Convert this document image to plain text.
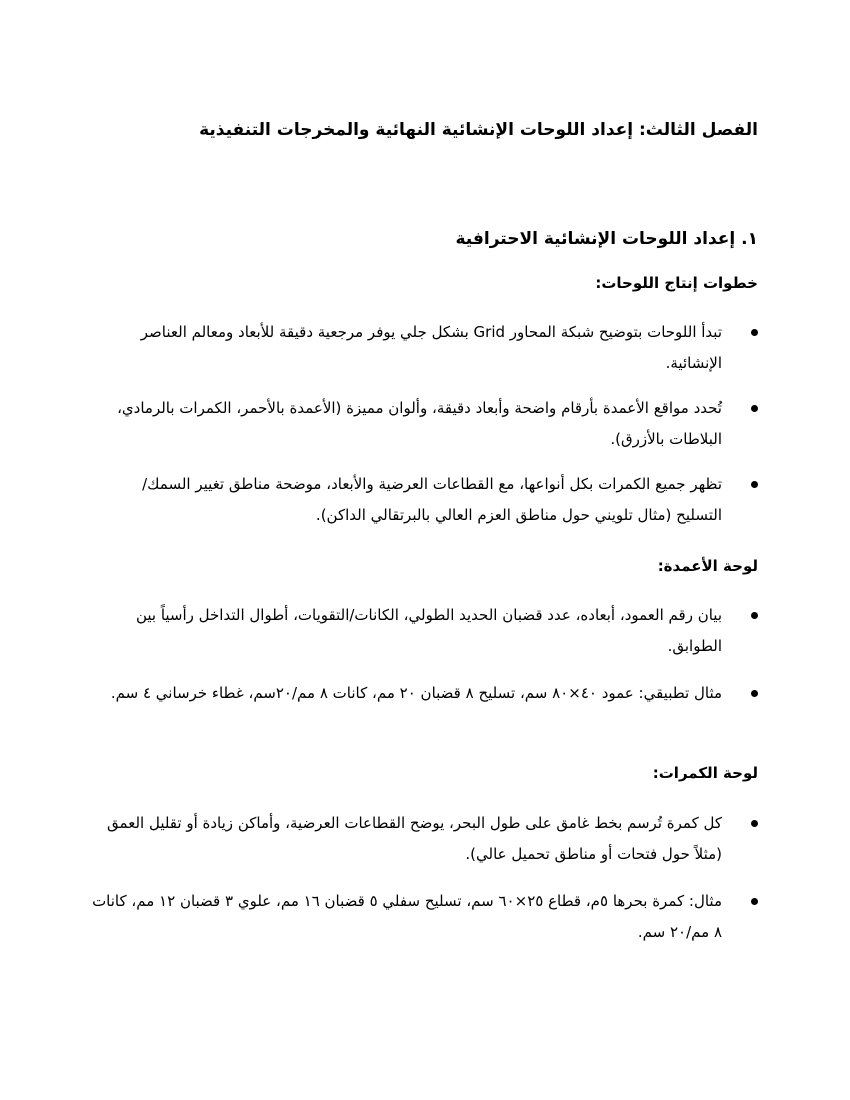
الفصل الثالث: إعداد اللوحات الإنشائية النهائية والمخرجات التنفيذية
١. إعداد اللوحات الإنشائية الاحترافية
خطوات إنتاج اللوحات:
تبدأ اللوحات بتوضيح شبكة المحاور Grid بشكل جلي يوفر مرجعية دقيقة للأبعاد ومعالم العناصر الإنشائية.
تُحدد مواقع الأعمدة بأرقام واضحة وأبعاد دقيقة، وألوان مميزة (الأعمدة بالأحمر، الكمرات بالرمادي، البلاطات بالأزرق).
تظهر جميع الكمرات بكل أنواعها، مع القطاعات العرضية والأبعاد، موضحة مناطق تغيير السمك/التسليح (مثال تلويني حول مناطق العزم العالي بالبرتقالي الداكن).
لوحة الأعمدة:
بيان رقم العمود، أبعاده، عدد قضبان الحديد الطولي، الكانات/التقويات، أطوال التداخل رأسياً بين الطوابق.
مثال تطبيقي: عمود ٤٠×٨٠ سم، تسليح ٨ قضبان ٢٠ مم، كانات ٨ مم/٢٠سم، غطاء خرساني ٤ سم.
لوحة الكمرات:
كل كمرة تُرسم بخط غامق على طول البحر، يوضح القطاعات العرضية، وأماكن زيادة أو تقليل العمق (مثلاً حول فتحات أو مناطق تحميل عالي).
مثال: كمرة بحرها ٥م، قطاع ٢٥×٦٠ سم، تسليح سفلي ٥ قضبان ١٦ مم، علوي ٣ قضبان ١٢ مم، كانات ٨ مم/٢٠ سم.
